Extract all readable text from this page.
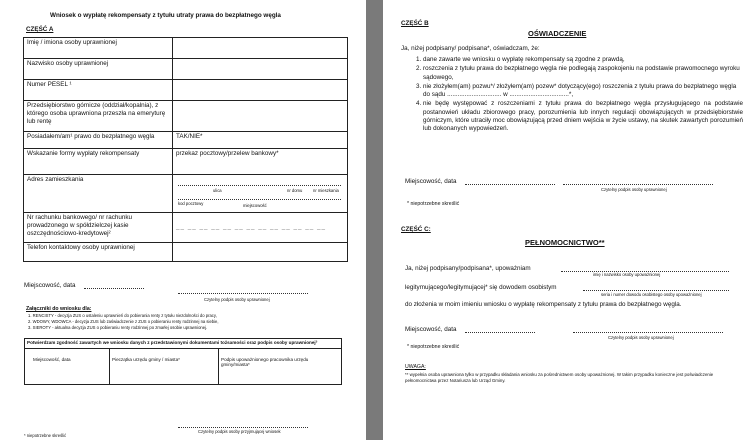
Wniosek o wypłatę rekompensaty z tytułu utraty prawa do bezpłatnego węgla
CZĘŚĆ A
Imię / imiona osoby uprawnionej	
Nazwisko osoby uprawnionej	
Numer PESEL ¹	
Przedsiębiorstwo górnicze (oddział/kopalnia), z którego osoba uprawniona przeszła na emeryturę lub rentę	
Posiadałem/am¹ prawo do bezpłatnego węgla	TAK/NIE*
Wskazanie formy wypłaty rekompensaty	przekaz pocztowy/przelew bankowy*
Adres zamieszkania	ulica nr domu nr mieszkania
kod pocztowy miejscowość

Nr rachunku bankowego/ nr rachunku prowadzonego w spółdzielczej kasie oszczędnościowo-kredytowej²	__ __ __ __ __ __ __ __ __ __ __ __ __
Telefon kontaktowy osoby uprawnionej	
Miejscowość, data
Czytelny podpis osoby uprawnionej
Załączniki do wniosku dla:
1. RENCISTY - decyzja ZUS o ustaleniu uprawnień do pobierania renty z tytułu niezdolności do pracy,
2. WDOWY, WDOWCA - decyzja ZUS lub zaświadczenie z ZUS o pobieraniu renty rodzinnej na siebie,
3. SIEROTY - aktualna decyzja ZUS o pobieraniu renty rodzinnej po zmarłej osobie uprawnionej.
Potwierdzam zgodność zawartych we wniosku danych z przedstawionymi dokumentami tożsamości oraz podpis osoby uprawnionej³

Miejscowość, data	Pieczątka urzędu gminy / miasta*	Podpis upoważnionego pracownika urzędu gminy/miasta*
Czytelny podpis osoby przyjmującej wniosek
* niepotrzebne skreślić
CZĘŚĆ B
OŚWIADCZENIE
Ja, niżej podpisany/ podpisana*, oświadczam, że:
1. dane zawarte we wniosku o wypłatę rekompensaty są zgodne z prawdą,
2. roszczenia z tytułu prawa do bezpłatnego węgla nie podlegają zaspokojeniu na podstawie prawomocnego wyroku sądowego,
3. nie złożyłem(am) pozwu*/ złożyłem(am) pozew* dotyczący(ego) roszczenia z tytułu prawa do bezpłatnego węgla do sądu ............................... w ..................................*,
4. nie będę występować z roszczeniami z tytułu prawa do bezpłatnego węgla przysługującego na podstawie postanowień układu zbiorowego pracy, porozumienia lub innych regulacji obowiązujących w przedsiębiorstwie górniczym, które utraciły moc obowiązującą przed dniem wejścia w życie ustawy, na skutek zawartych porozumień lub dokonanych wypowiedzeń.
Miejscowość, data
Czytelny podpis osoby uprawnionej
* niepotrzebne skreślić
CZĘŚĆ C:
PEŁNOMOCNICTWO**
Ja, niżej podpisany/podpisana*, upoważniam
imię i nazwisko osoby upoważnionej
legitymującego/legitymującej* się dowodem osobistym
seria i numer dowodu osobistego osoby upoważnionej
do złożenia w moim imieniu wniosku o wypłatę rekompensaty z tytułu prawa do bezpłatnego węgla.
Miejscowość, data
Czytelny podpis osoby uprawnionej
* niepotrzebne skreślić
UWAGA:
** wypełnia osoba uprawniona tylko w przypadku składania wniosku za pośrednictwem osoby upoważnionej. W takim przypadku konieczne jest poświadczenie pełnomocnictwa przez Notariusza lub Urząd Gminy.
